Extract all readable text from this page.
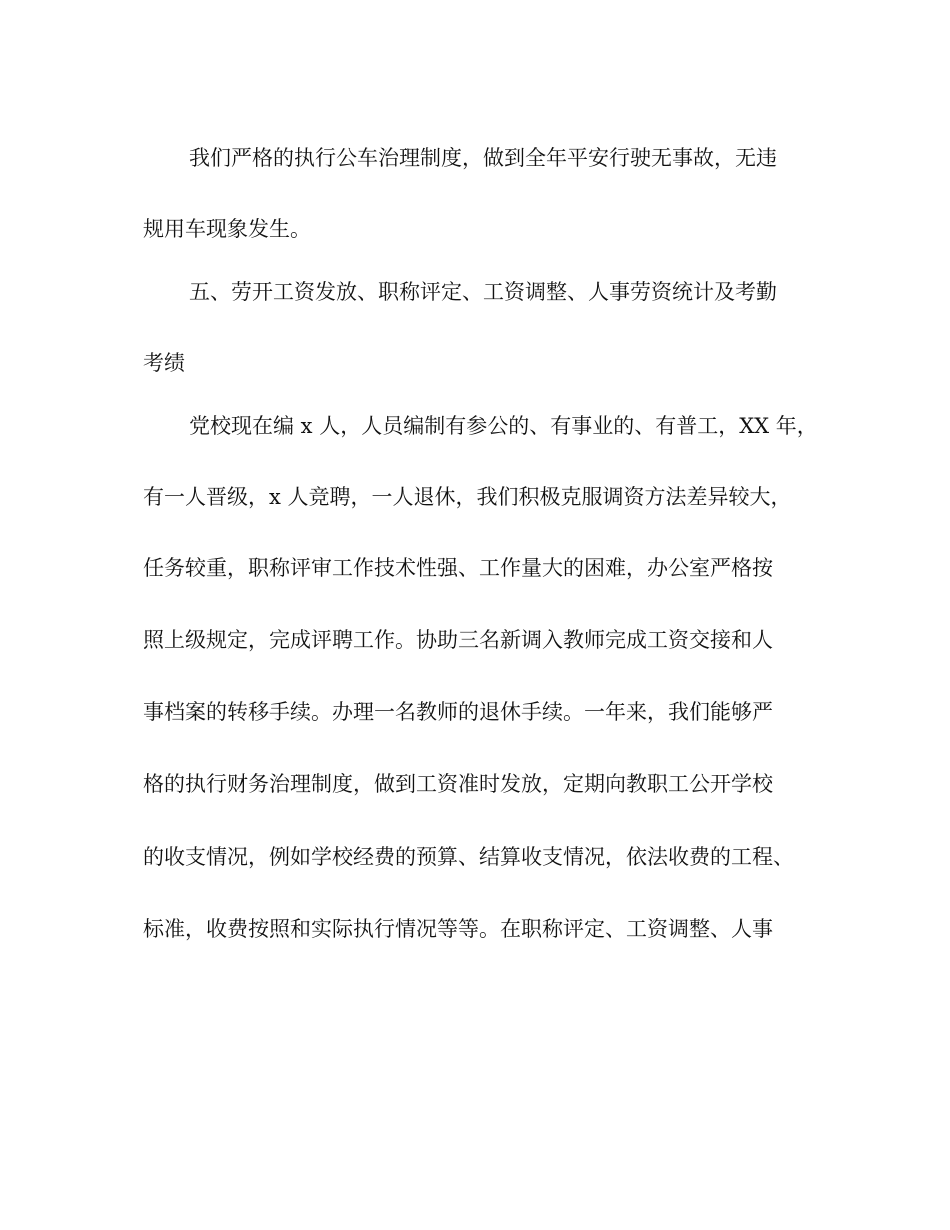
我们严格的执行公车治理制度，做到全年平安行驶无事故，无违
规用车现象发生。
五、劳开工资发放、职称评定、工资调整、人事劳资统计及考勤
考绩
党校现在编 x 人，人员编制有参公的、有事业的、有普工，XX 年，
有一人晋级，x 人竞聘，一人退休，我们积极克服调资方法差异较大，
任务较重，职称评审工作技术性强、工作量大的困难，办公室严格按
照上级规定，完成评聘工作。协助三名新调入教师完成工资交接和人
事档案的转移手续。办理一名教师的退休手续。一年来，我们能够严
格的执行财务治理制度，做到工资准时发放，定期向教职工公开学校
的收支情况，例如学校经费的预算、结算收支情况，依法收费的工程、
标准，收费按照和实际执行情况等等。在职称评定、工资调整、人事
